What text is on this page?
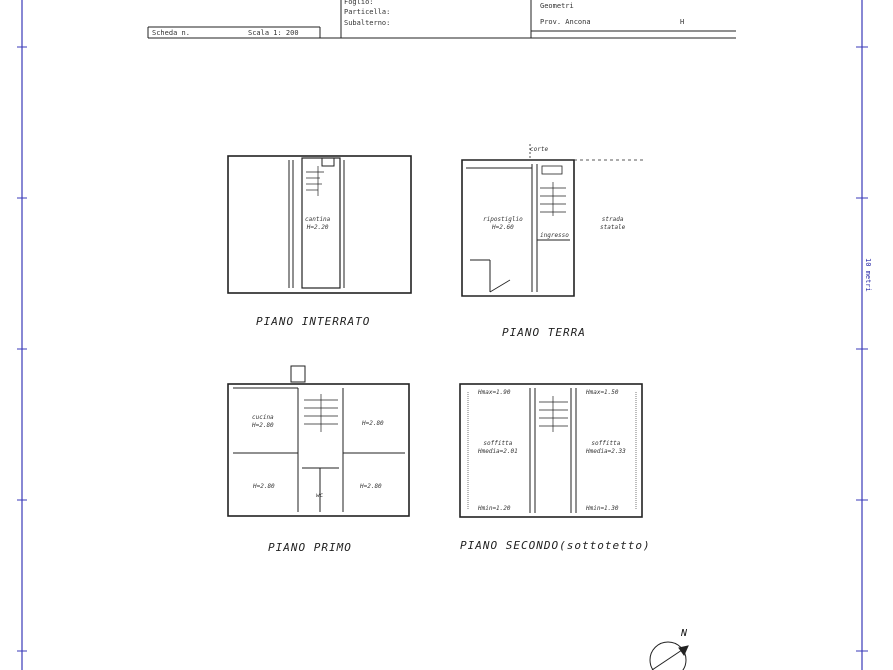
Scheda n.	Scala 1: 200
Foglio:
Particella:
Subalterno:
Geometri
Prov. Ancona	H
10 metri
N
cantina
H=2.20
ripostiglio
H=2.60
ingresso
strada
statale
corte
cucina
H=2.80	H=2.80
H=2.80	H=2.80
wc
soffitta
Hmedia=2.01
soffitta
Hmedia=2.33
Hmax=1.90	Hmax=1.50
Hmin=1.20	Hmin=1.30
PIANO INTERRATO
PIANO TERRA
PIANO PRIMO	PIANO SECONDO(sottotetto)
